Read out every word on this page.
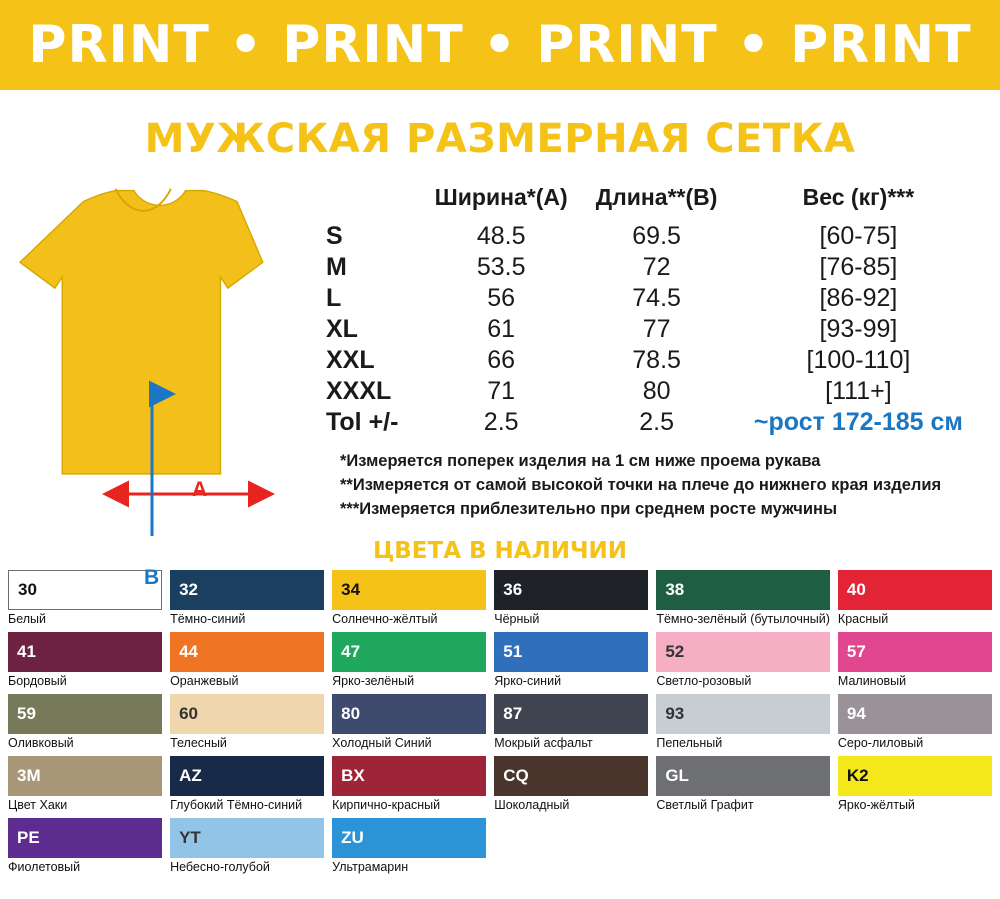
PRINT • PRINT • PRINT • PRINT
МУЖСКАЯ РАЗМЕРНАЯ СЕТКА
A
B
	Ширина*(A)	Длина**(B)	Вес (кг)***
S	48.5	69.5	[60-75]
M	53.5	72	[76-85]
L	56	74.5	[86-92]
XL	61	77	[93-99]
XXL	66	78.5	[100-110]
XXXL	71	80	[111+]
Tol +/-	2.5	2.5	~рост 172-185 см
*Измеряется поперек изделия на 1 см ниже проема рукава
**Измеряется от самой высокой точки на плече до нижнего края изделия
***Измеряется приблезительно при среднем росте мужчины
ЦВЕТА В НАЛИЧИИ
30
Белый
32
Тёмно-синий
34
Солнечно-жёлтый
36
Чёрный
38
Тёмно-зелёный (бутылочный)
40
Красный
41
Бордовый
44
Оранжевый
47
Ярко-зелёный
51
Ярко-синий
52
Светло-розовый
57
Малиновый
59
Оливковый
60
Телесный
80
Холодный Синий
87
Мокрый асфальт
93
Пепельный
94
Серо-лиловый
3M
Цвет Хаки
AZ
Глубокий Тёмно-синий
BX
Кирпично-красный
CQ
Шоколадный
GL
Светлый Графит
K2
Ярко-жёлтый
PE
Фиолетовый
YT
Небесно-голубой
ZU
Ультрамарин
